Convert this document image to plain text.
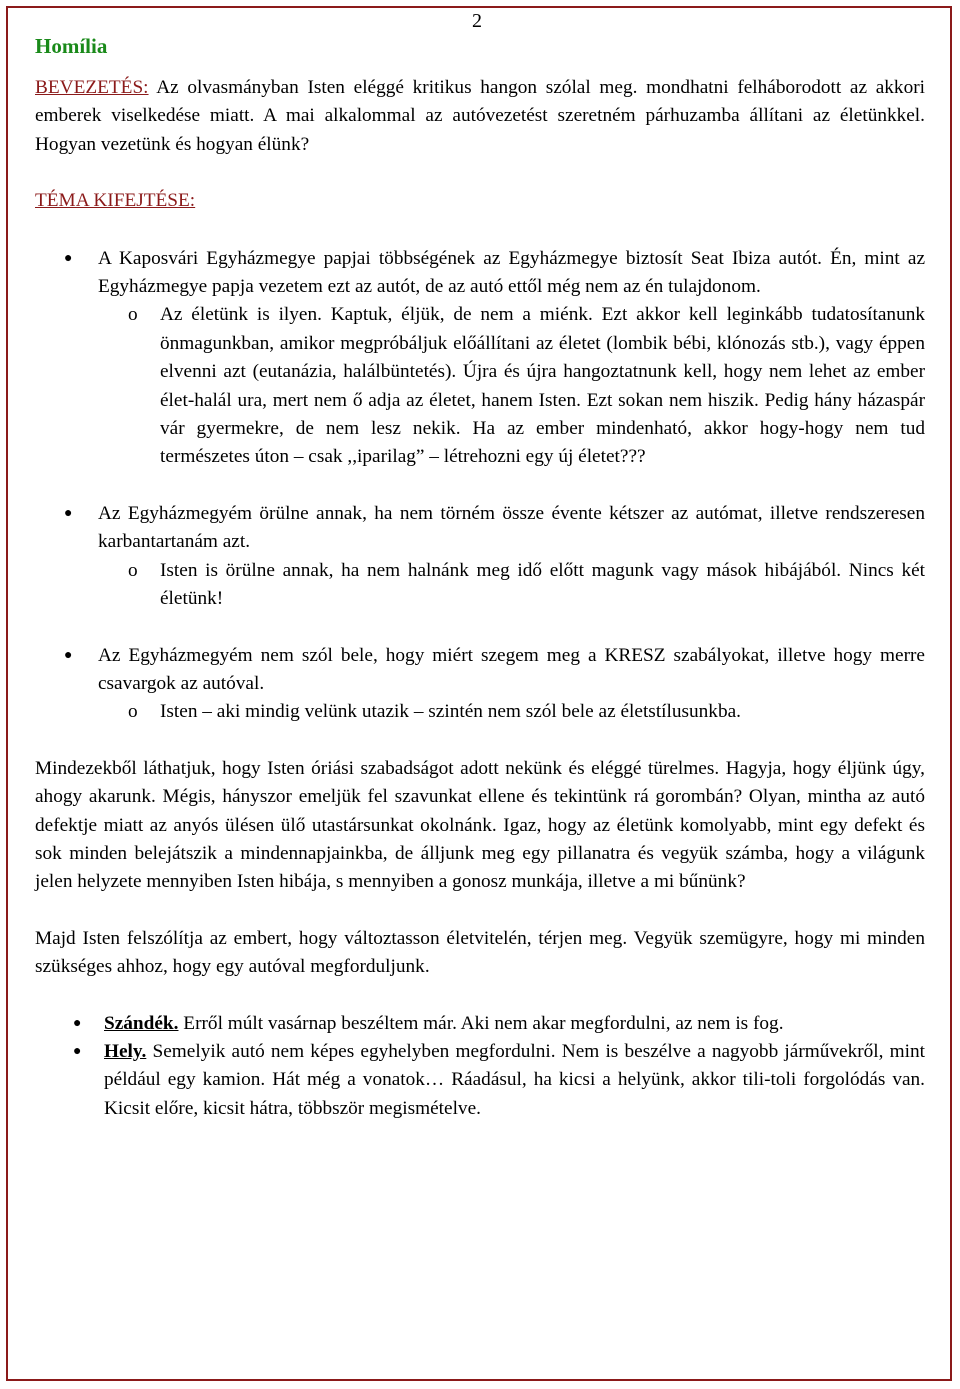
2
Homília

BEVEZETÉS: Az olvasmányban Isten eléggé kritikus hangon szólal meg. mondhatni felháborodott az akkori emberek viselkedése miatt. A mai alkalommal az autóvezetést szeretném párhuzamba állítani az életünkkel. Hogyan vezetünk és hogyan élünk?

TÉMA KIFEJTÉSE:
● A Kaposvári Egyházmegye papjai többségének az Egyházmegye biztosít Seat Ibiza autót. Én, mint az Egyházmegye papja vezetem ezt az autót, de az autó ettől még nem az én tulajdonom.
o Az életünk is ilyen. Kaptuk, éljük, de nem a miénk. Ezt akkor kell leginkább tudatosítanunk önmagunkban, amikor megpróbáljuk előállítani az életet (lombik bébi, klónozás stb.), vagy éppen elvenni azt (eutanázia, halálbüntetés). Újra és újra hangoztatnunk kell, hogy nem lehet az ember élet-halál ura, mert nem ő adja az életet, hanem Isten. Ezt sokan nem hiszik. Pedig hány házaspár vár gyermekre, de nem lesz nekik. Ha az ember mindenható, akkor hogy-hogy nem tud természetes úton – csak ,,iparilag” – létrehozni egy új életet???
● Az Egyházmegyém örülne annak, ha nem törném össze évente kétszer az autómat, illetve rendszeresen karbantartanám azt.
o Isten is örülne annak, ha nem halnánk meg idő előtt magunk vagy mások hibájából. Nincs két életünk!
● Az Egyházmegyém nem szól bele, hogy miért szegem meg a KRESZ szabályokat, illetve hogy merre csavargok az autóval.
o Isten – aki mindig velünk utazik – szintén nem szól bele az életstílusunkba.

Mindezekből láthatjuk, hogy Isten óriási szabadságot adott nekünk és eléggé türelmes. Hagyja, hogy éljünk úgy, ahogy akarunk. Mégis, hányszor emeljük fel szavunkat ellene és tekintünk rá gorombán? Olyan, mintha az autó defektje miatt az anyós ülésen ülő utastársunkat okolnánk. Igaz, hogy az életünk komolyabb, mint egy defekt és sok minden belejátszik a mindennapjainkba, de álljunk meg egy pillanatra és vegyük számba, hogy a világunk jelen helyzete mennyiben Isten hibája, s mennyiben a gonosz munkája, illetve a mi bűnünk?

Majd Isten felszólítja az embert, hogy változtasson életvitelén, térjen meg. Vegyük szemügyre, hogy mi minden szükséges ahhoz, hogy egy autóval megforduljunk.

● Szándék. Erről múlt vasárnap beszéltem már. Aki nem akar megfordulni, az nem is fog.
● Hely. Semelyik autó nem képes egyhelyben megfordulni. Nem is beszélve a nagyobb járművekről, mint például egy kamion. Hát még a vonatok… Ráadásul, ha kicsi a helyünk, akkor tili-toli forgolódás van. Kicsit előre, kicsit hátra, többször megismételve.
